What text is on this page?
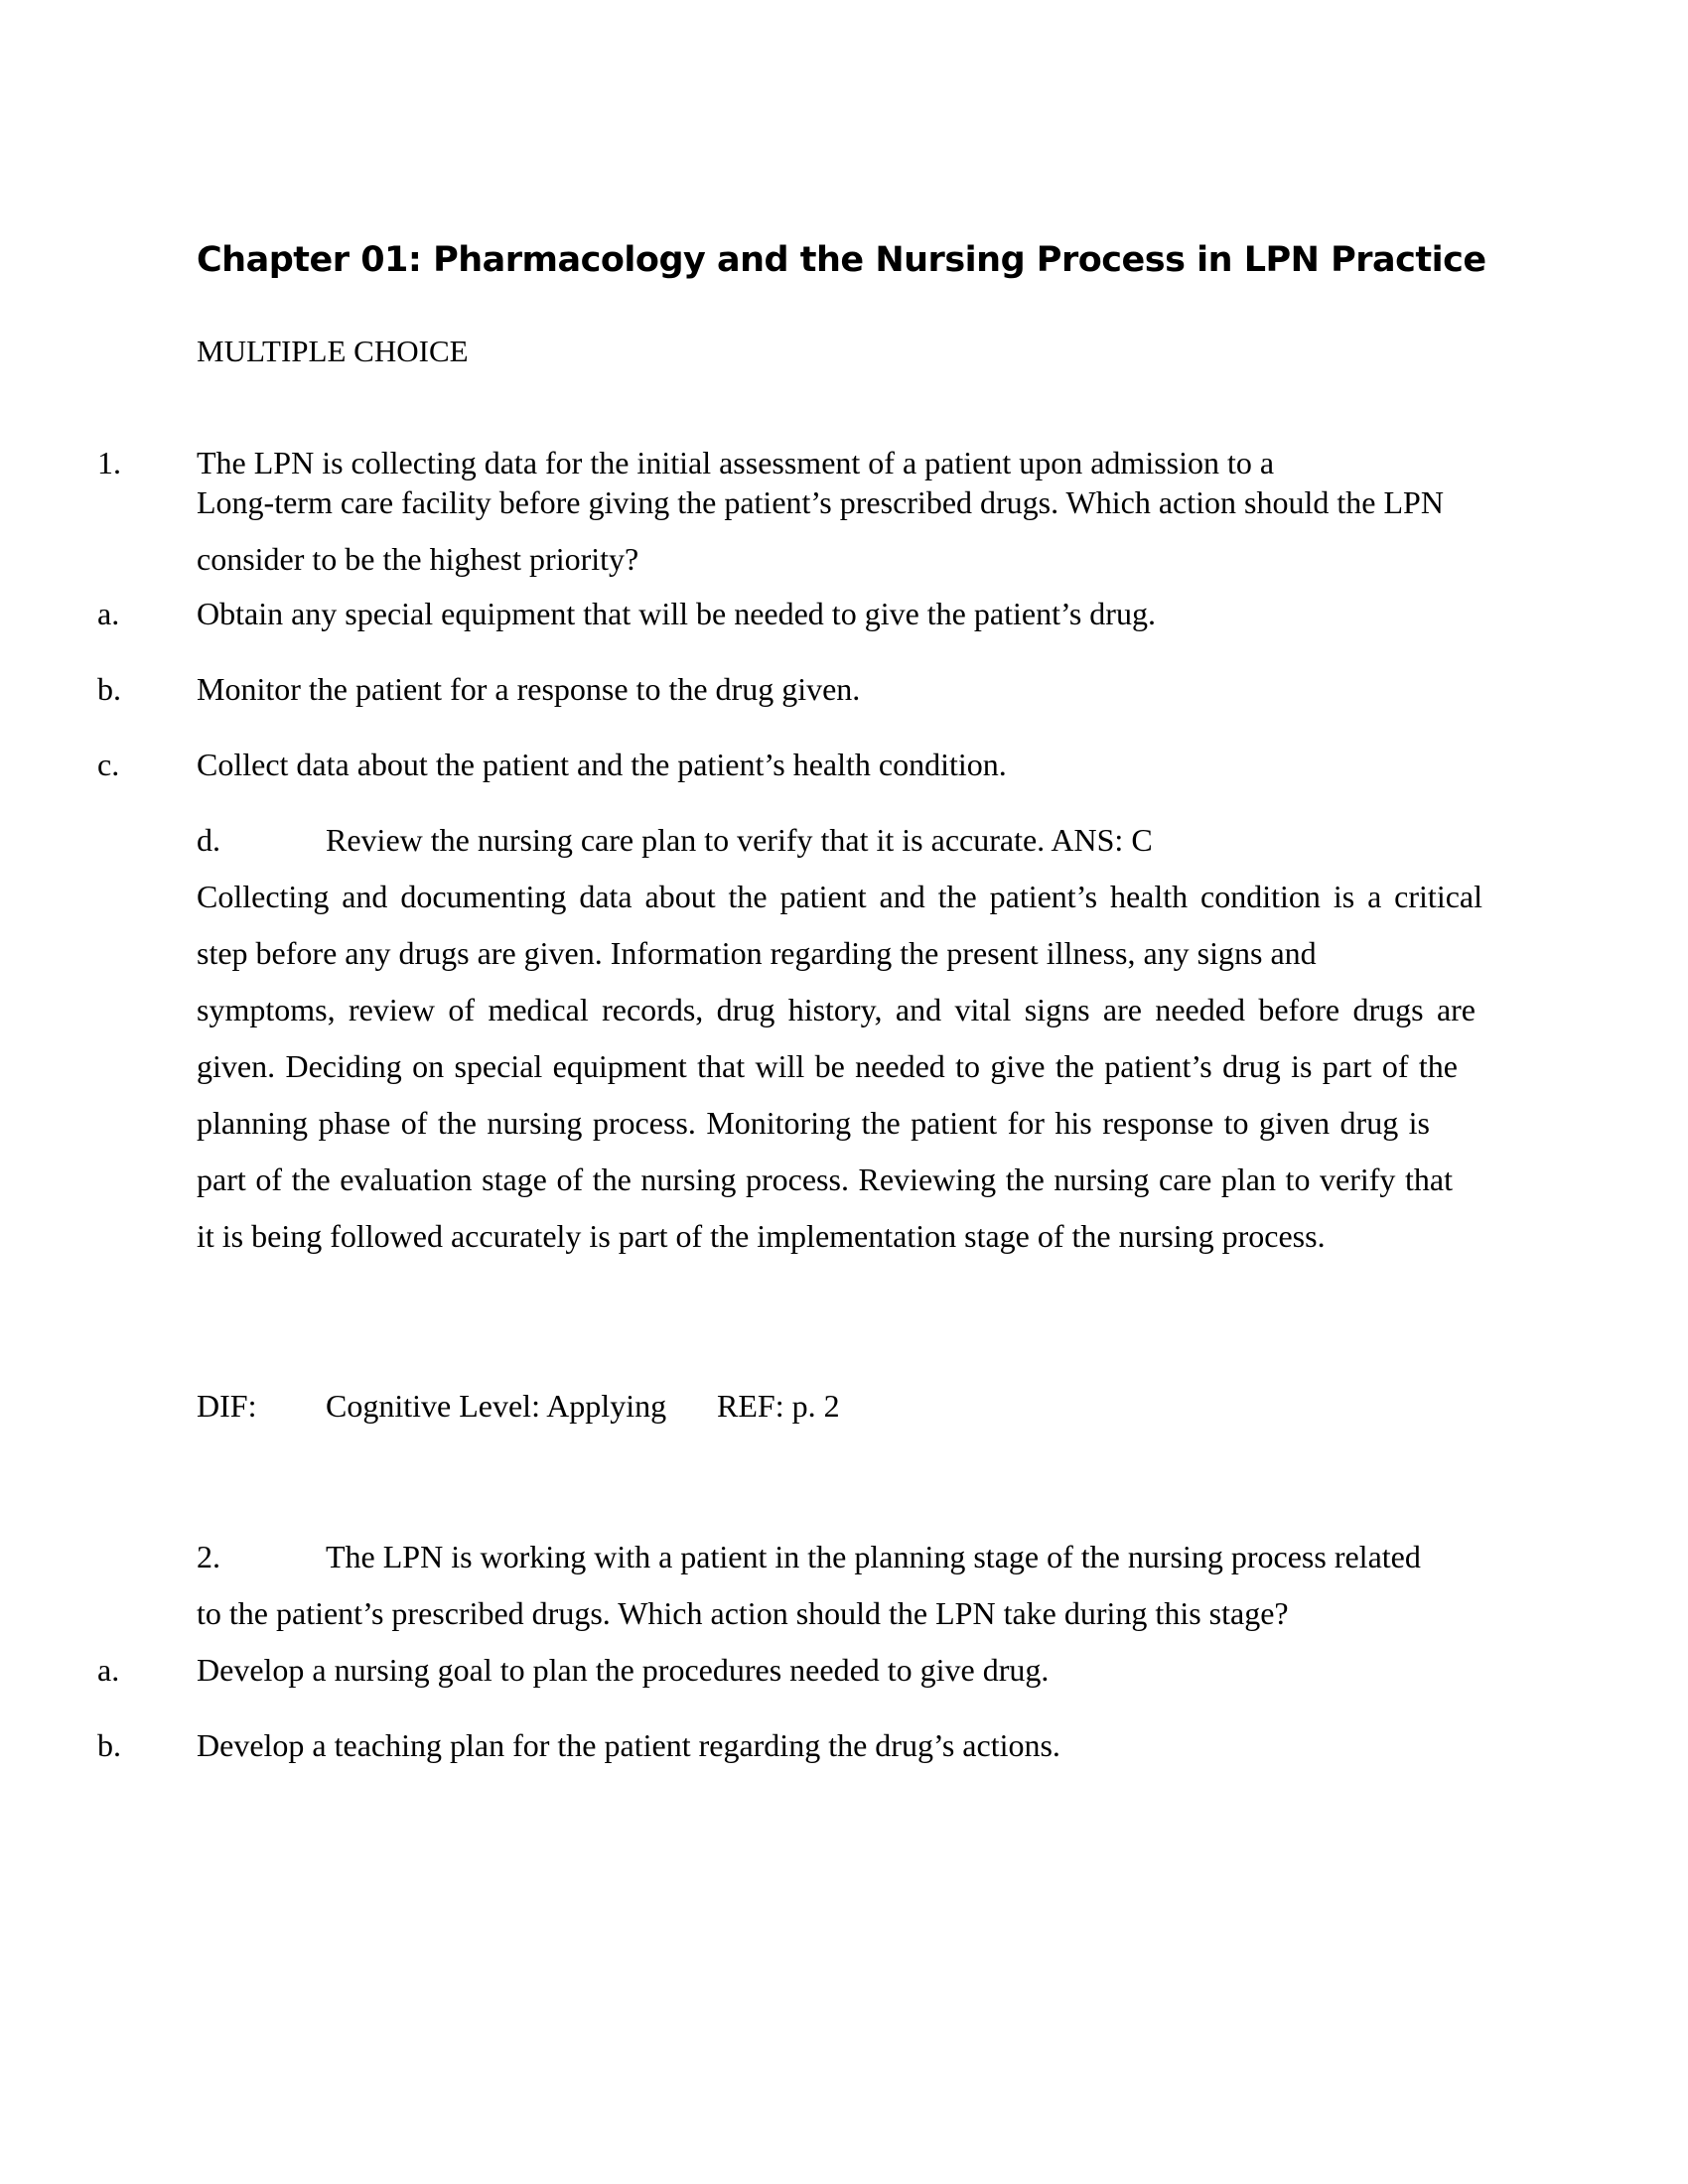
Chapter 01: Pharmacology and the Nursing Process in LPN Practice
MULTIPLE CHOICE
1. The LPN is collecting data for the initial assessment of a patient upon admission to a
Long-term care facility before giving the patient’s prescribed drugs. Which action should the LPN
consider to be the highest priority?
a. Obtain any special equipment that will be needed to give the patient’s drug.
b. Monitor the patient for a response to the drug given.
c. Collect data about the patient and the patient’s health condition.
d.	Review the nursing care plan to verify that it is accurate. ANS: C
Collecting and documenting data about the patient and the patient’s health condition is a critical
step before any drugs are given. Information regarding the present illness, any signs and
symptoms, review of medical records, drug history, and vital signs are needed before drugs are
given. Deciding on special equipment that will be needed to give the patient’s drug is part of the
planning phase of the nursing process. Monitoring the patient for his response to given drug is
part of the evaluation stage of the nursing process. Reviewing the nursing care plan to verify that
it is being followed accurately is part of the implementation stage of the nursing process.
DIF: Cognitive Level: Applying REF: p. 2
2.	The LPN is working with a patient in the planning stage of the nursing process related
to the patient’s prescribed drugs. Which action should the LPN take during this stage?
a. Develop a nursing goal to plan the procedures needed to give drug.
b. Develop a teaching plan for the patient regarding the drug’s actions.
